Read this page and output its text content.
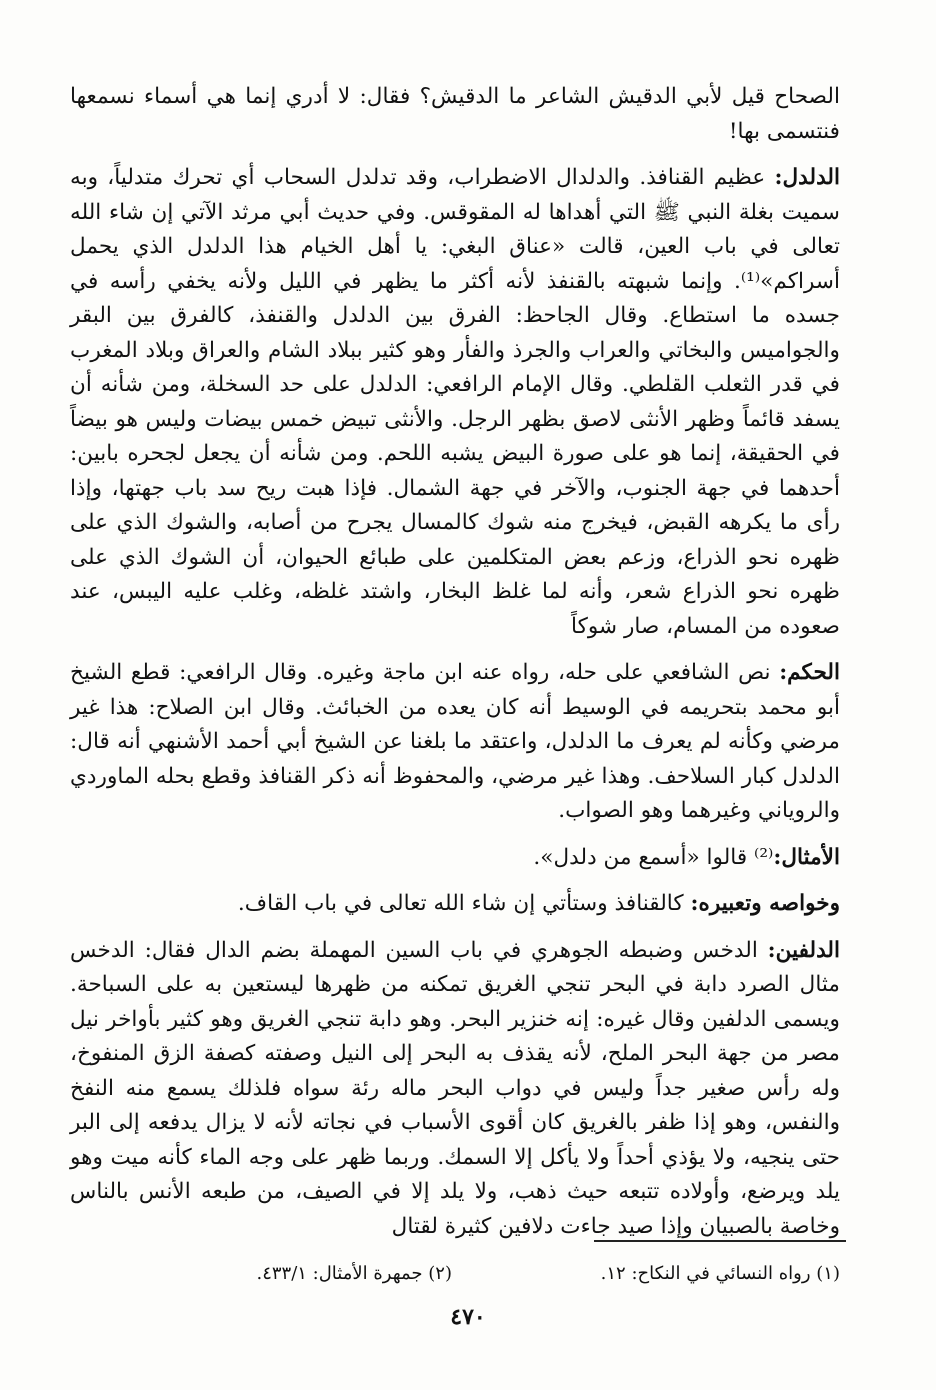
الصحاح قيل لأبي الدقيش الشاعر ما الدقيش؟ فقال: لا أدري إنما هي أسماء نسمعها فنتسمى بها!

الدلدل: عظيم القنافذ. والدلدال الاضطراب، وقد تدلدل السحاب أي تحرك متدلياً، وبه سميت بغلة النبي ﷺ التي أهداها له المقوقس. وفي حديث أبي مرثد الآتي إن شاء الله تعالى في باب العين، قالت «عناق البغي: يا أهل الخيام هذا الدلدل الذي يحمل أسراكم»⁽¹⁾. وإنما شبهته بالقنفذ لأنه أكثر ما يظهر في الليل ولأنه يخفي رأسه في جسده ما استطاع. وقال الجاحظ: الفرق بين الدلدل والقنفذ، كالفرق بين البقر والجواميس والبخاتي والعراب والجرذ والفأر وهو كثير ببلاد الشام والعراق وبلاد المغرب في قدر الثعلب القلطي. وقال الإمام الرافعي: الدلدل على حد السخلة، ومن شأنه أن يسفد قائماً وظهر الأنثى لاصق بظهر الرجل. والأنثى تبيض خمس بيضات وليس هو بيضاً في الحقيقة، إنما هو على صورة البيض يشبه اللحم. ومن شأنه أن يجعل لجحره بابين: أحدهما في جهة الجنوب، والآخر في جهة الشمال. فإذا هبت ريح سد باب جهتها، وإذا رأى ما يكرهه القبض، فيخرج منه شوك كالمسال يجرح من أصابه، والشوك الذي على ظهره نحو الذراع، وزعم بعض المتكلمين على طبائع الحيوان، أن الشوك الذي على ظهره نحو الذراع شعر، وأنه لما غلظ البخار، واشتد غلظه، وغلب عليه اليبس، عند صعوده من المسام، صار شوكاً

الحكم: نص الشافعي على حله، رواه عنه ابن ماجة وغيره. وقال الرافعي: قطع الشيخ أبو محمد بتحريمه في الوسيط أنه كان يعده من الخبائث. وقال ابن الصلاح: هذا غير مرضي وكأنه لم يعرف ما الدلدل، واعتقد ما بلغنا عن الشيخ أبي أحمد الأشنهي أنه قال: الدلدل كبار السلاحف. وهذا غير مرضي، والمحفوظ أنه ذكر القنافذ وقطع بحله الماوردي والروياني وغيرهما وهو الصواب.

الأمثال:⁽²⁾ قالوا «أسمع من دلدل».

وخواصه وتعبيره: كالقنافذ وستأتي إن شاء الله تعالى في باب القاف.

الدلفين: الدخس وضبطه الجوهري في باب السين المهملة بضم الدال فقال: الدخس مثال الصرد دابة في البحر تنجي الغريق تمكنه من ظهرها ليستعين به على السباحة. ويسمى الدلفين وقال غيره: إنه خنزير البحر. وهو دابة تنجي الغريق وهو كثير بأواخر نيل مصر من جهة البحر الملح، لأنه يقذف به البحر إلى النيل وصفته كصفة الزق المنفوخ، وله رأس صغير جداً وليس في دواب البحر ماله رئة سواه فلذلك يسمع منه النفخ والنفس، وهو إذا ظفر بالغريق كان أقوى الأسباب في نجاته لأنه لا يزال يدفعه إلى البر حتى ينجيه، ولا يؤذي أحداً ولا يأكل إلا السمك. وربما ظهر على وجه الماء كأنه ميت وهو يلد ويرضع، وأولاده تتبعه حيث ذهب، ولا يلد إلا في الصيف، من طبعه الأنس بالناس وخاصة بالصبيان وإذا صيد جاءت دلافين كثيرة لقتال

(١) رواه النسائي في النكاح: ١٢.
(٢) جمهرة الأمثال: ٤٣٣/١.
٤٧٠
